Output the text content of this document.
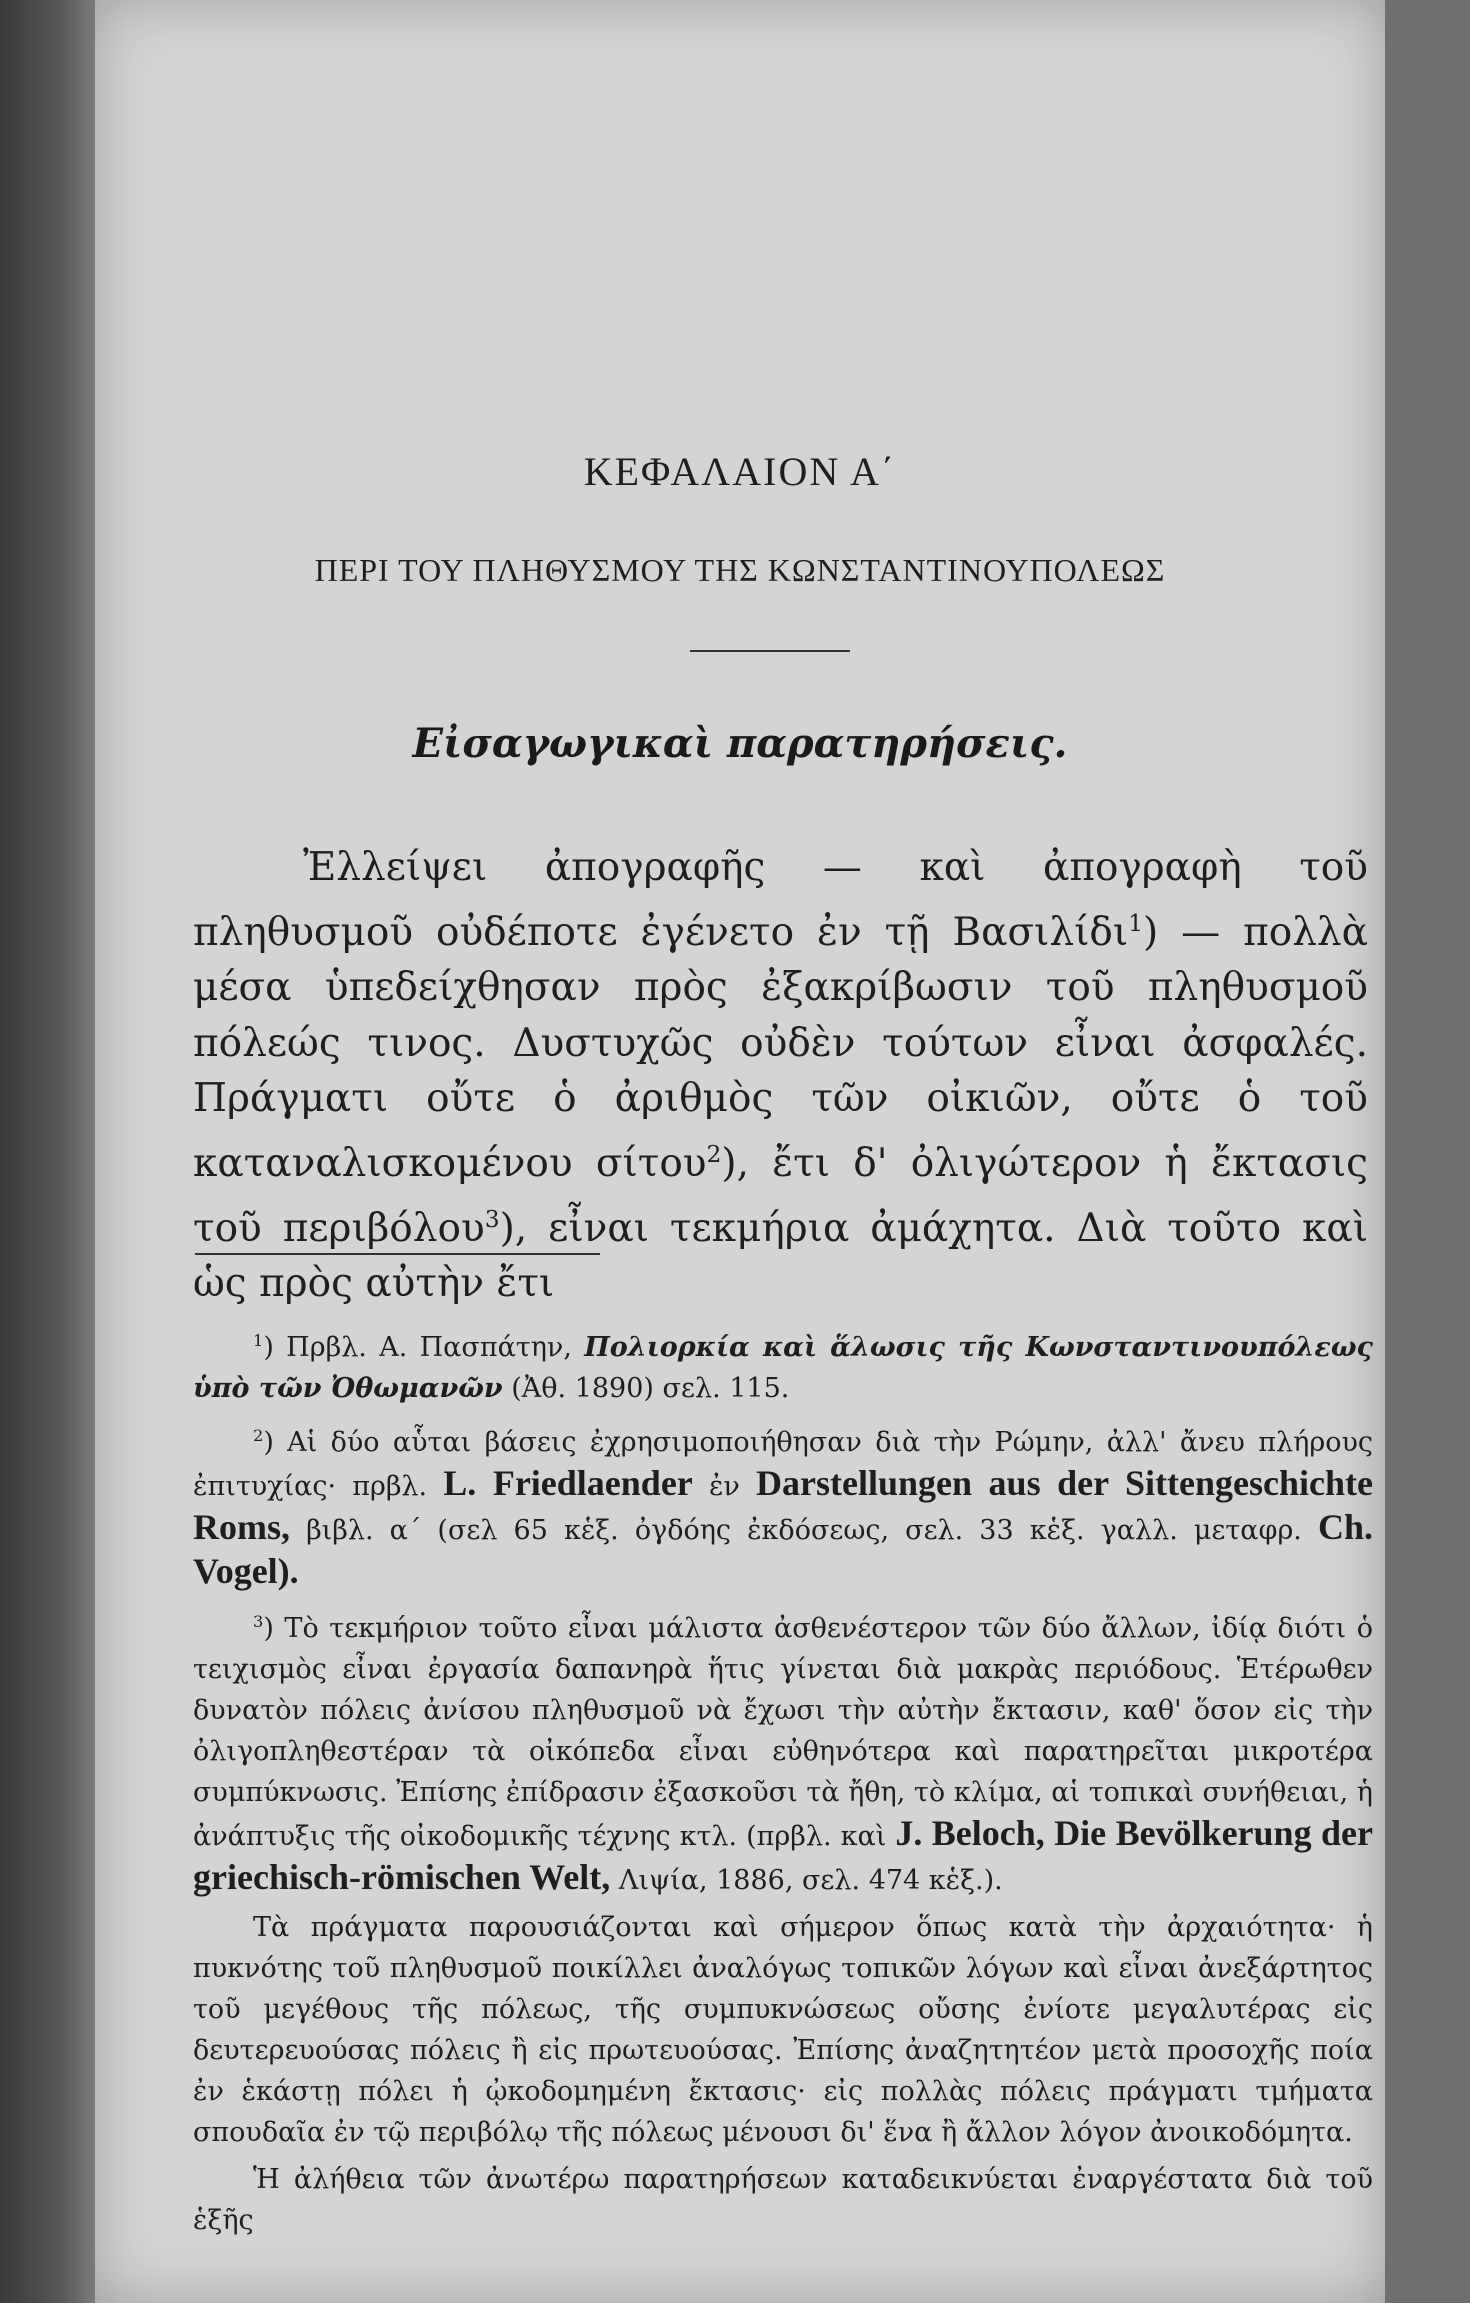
ΚΕΦΑΛΑΙΟΝ Α΄
ΠΕΡΙ ΤΟΥ ΠΛΗΘΥΣΜΟΥ ΤΗΣ ΚΩΝΣΤΑΝΤΙΝΟΥΠΟΛΕΩΣ
Εἰσαγωγικαὶ παρατηρήσεις.
Ἐλλείψει ἀπογραφῆς — καὶ ἀπογραφὴ τοῦ πληθυσμοῦ οὐδέποτε ἐγένετο ἐν τῇ Βασιλίδι$^1$) — πολλὰ μέσα ὑπεδείχθησαν πρὸς ἐξακρίβωσιν τοῦ πληθυσμοῦ πόλεώς τινος. Δυστυχῶς οὐδὲν τούτων εἶναι ἀσφαλές. Πράγματι οὔτε ὁ ἀριθμὸς τῶν οἰκιῶν, οὔτε ὁ τοῦ καταναλισκομένου σίτου$^2$), ἔτι δ' ὀλιγώτερον ἡ ἔκτασις τοῦ περιβόλου$^3$), εἶναι τεκμήρια ἀμάχητα. Διὰ τοῦτο καὶ ὡς πρὸς αὐτὴν ἔτι

$^1$) Πρβλ. Α. Πασπάτην, Πολιορκία καὶ ἅλωσις τῆς Κωνσταντινουπόλεως ὑπὸ τῶν Ὀθωμανῶν (Ἀθ. 1890) σελ. 115.

$^2$) Αἱ δύο αὗται βάσεις ἐχρησιμοποιήθησαν διὰ τὴν Ρώμην, ἀλλ' ἄνευ πλήρους ἐπιτυχίας· πρβλ. L. Friedlaender ἐν Darstellungen aus der Sittengeschichte Roms, βιβλ. α΄ (σελ 65 κἑξ. ὀγδόης ἐκδόσεως, σελ. 33 κἑξ. γαλλ. μεταφρ. Ch. Vogel).

$^3$) Τὸ τεκμήριον τοῦτο εἶναι μάλιστα ἀσθενέστερον τῶν δύο ἄλλων, ἰδίᾳ διότι ὁ τειχισμὸς εἶναι ἐργασία δαπανηρὰ ἥτις γίνεται διὰ μακρὰς περιόδους. Ἑτέρωθεν δυνατὸν πόλεις ἀνίσου πληθυσμοῦ νὰ ἔχωσι τὴν αὐτὴν ἔκτασιν, καθ' ὅσον εἰς τὴν ὀλιγοπληθεστέραν τὰ οἰκόπεδα εἶναι εὐθηνότερα καὶ παρατηρεῖται μικροτέρα συμπύκνωσις. Ἐπίσης ἐπίδρασιν ἐξασκοῦσι τὰ ἤθη, τὸ κλίμα, αἱ τοπικαὶ συνήθειαι, ἡ ἀνάπτυξις τῆς οἰκοδομικῆς τέχνης κτλ. (πρβλ. καὶ J. Beloch, Die Bevölkerung der griechisch-römischen Welt, Λιψία, 1886, σελ. 474 κἑξ.).

Τὰ πράγματα παρουσιάζονται καὶ σήμερον ὅπως κατὰ τὴν ἀρχαιότητα· ἡ πυκνότης τοῦ πληθυσμοῦ ποικίλλει ἀναλόγως τοπικῶν λόγων καὶ εἶναι ἀνεξάρτητος τοῦ μεγέθους τῆς πόλεως, τῆς συμπυκνώσεως οὔσης ἐνίοτε μεγαλυτέρας εἰς δευτερευούσας πόλεις ἢ εἰς πρωτευούσας. Ἐπίσης ἀναζητητέον μετὰ προσοχῆς ποία ἐν ἑκάστῃ πόλει ἡ ᾠκοδομημένη ἔκτασις· εἰς πολλὰς πόλεις πράγματι τμήματα σπουδαῖα ἐν τῷ περιβόλῳ τῆς πόλεως μένουσι δι' ἕνα ἢ ἄλλον λόγον ἀνοικοδόμητα.

Ἡ ἀλήθεια τῶν ἀνωτέρω παρατηρήσεων καταδεικνύεται ἐναργέστατα διὰ τοῦ ἑξῆς
